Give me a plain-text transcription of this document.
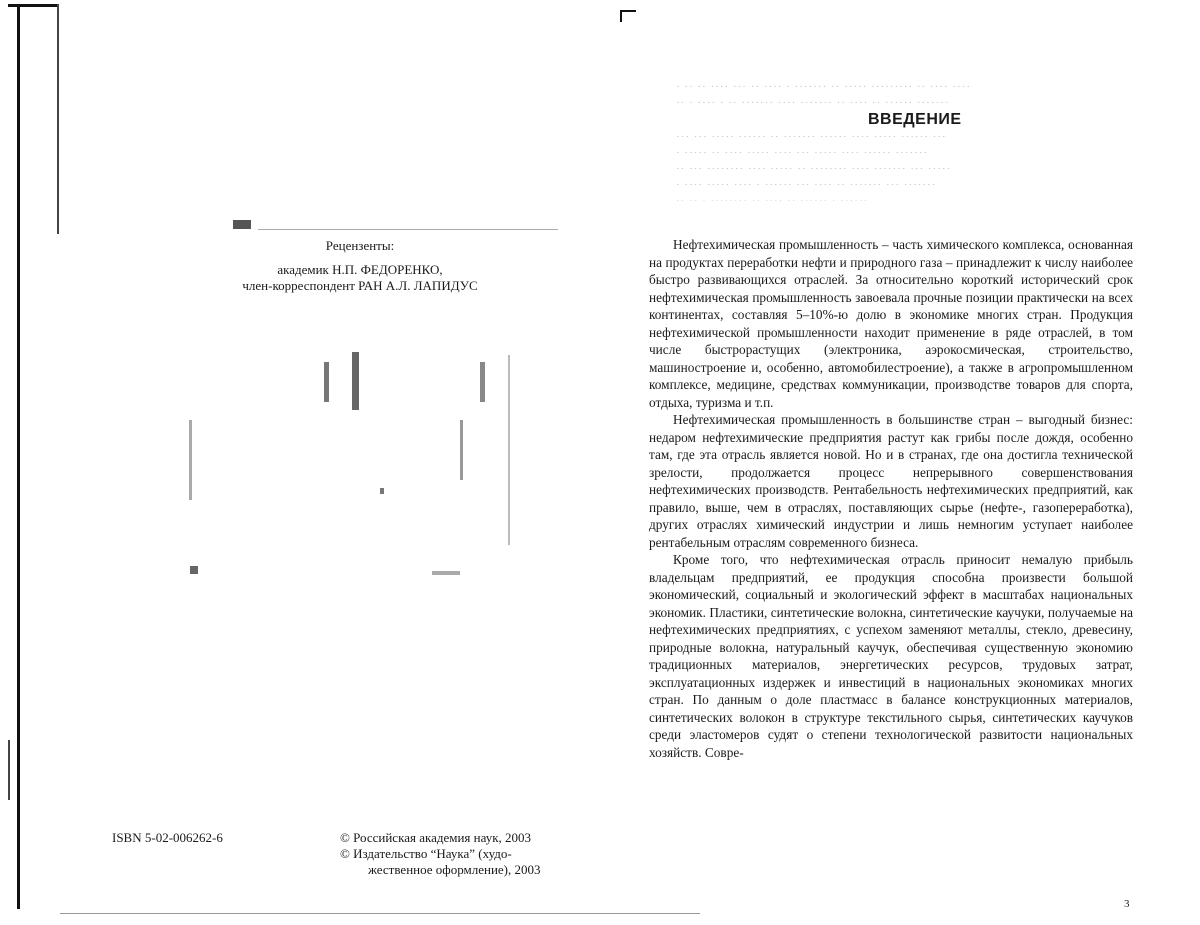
Рецензенты:
академик Н.П. ФЕДОРЕНКО,
член-корреспондент РАН А.Л. ЛАПИДУС
ISBN 5-02-006262-6	© Российская академия наук, 2003
© Издательство “Наука” (худо-
жественное оформление), 2003
· ·· ·· ···· ··· ·· ···· · ······· ·· ····· ········· ·· ···· ····
·· · ···· · ·· ······· ···· ······· ·· ···· ·· ······ ·······
··· ··· ····· ······ ·· ······· ······ ···· ····· ······ ···
· ····· ·· ···· ····· ···· ··· ····· ···· ······ ·······
·· ··· ········ ···· ····· ·· ········ ···· ······· ··· ·····
· ···· ····· ···· · ······ ··· ···· ·· ······· ··· ·······
·· ·· · ········ ·· ···· ·· ······ · ······
ВВЕДЕНИЕ

Нефтехимическая промышленность – часть химического комплекса, основанная на продуктах переработки нефти и природного газа – принадлежит к числу наиболее быстро развивающихся отраслей. За относительно короткий исторический срок нефтехимическая промышленность завоевала прочные позиции практически на всех континентах, составляя 5–10%-ю долю в экономике многих стран. Продукция нефтехимической промышленности находит применение в ряде отраслей, в том числе быстрорастущих (электроника, аэрокосмическая, строительство, машиностроение и, особенно, автомобилестроение), а также в агропромышленном комплексе, медицине, средствах коммуникации, производстве товаров для спорта, отдыха, туризма и т.п.

Нефтехимическая промышленность в большинстве стран – выгодный бизнес: недаром нефтехимические предприятия растут как грибы после дождя, особенно там, где эта отрасль является новой. Но и в странах, где она достигла технической зрелости, продолжается процесс непрерывного совершенствования нефтехимических производств. Рентабельность нефтехимических предприятий, как правило, выше, чем в отраслях, поставляющих сырье (нефте-, газопереработка), других отраслях химический индустрии и лишь немногим уступает наиболее рентабельным отраслям современного бизнеса.

Кроме того, что нефтехимическая отрасль приносит немалую прибыль владельцам предприятий, ее продукция способна произвести большой экономический, социальный и экологический эффект в масштабах национальных экономик. Пластики, синтетические волокна, синтетические каучуки, получаемые на нефтехимических предприятиях, с успехом заменяют металлы, стекло, древесину, природные волокна, натуральный каучук, обеспечивая существенную экономию традиционных материалов, энергетических ресурсов, трудовых затрат, эксплуатационных издержек и инвестиций в национальных экономиках многих стран. По данным о доле пластмасс в балансе конструкционных материалов, синтетических волокон в структуре текстильного сырья, синтетических каучуков среди эластомеров судят о степени технологической развитости национальных хозяйств. Совре-

3
